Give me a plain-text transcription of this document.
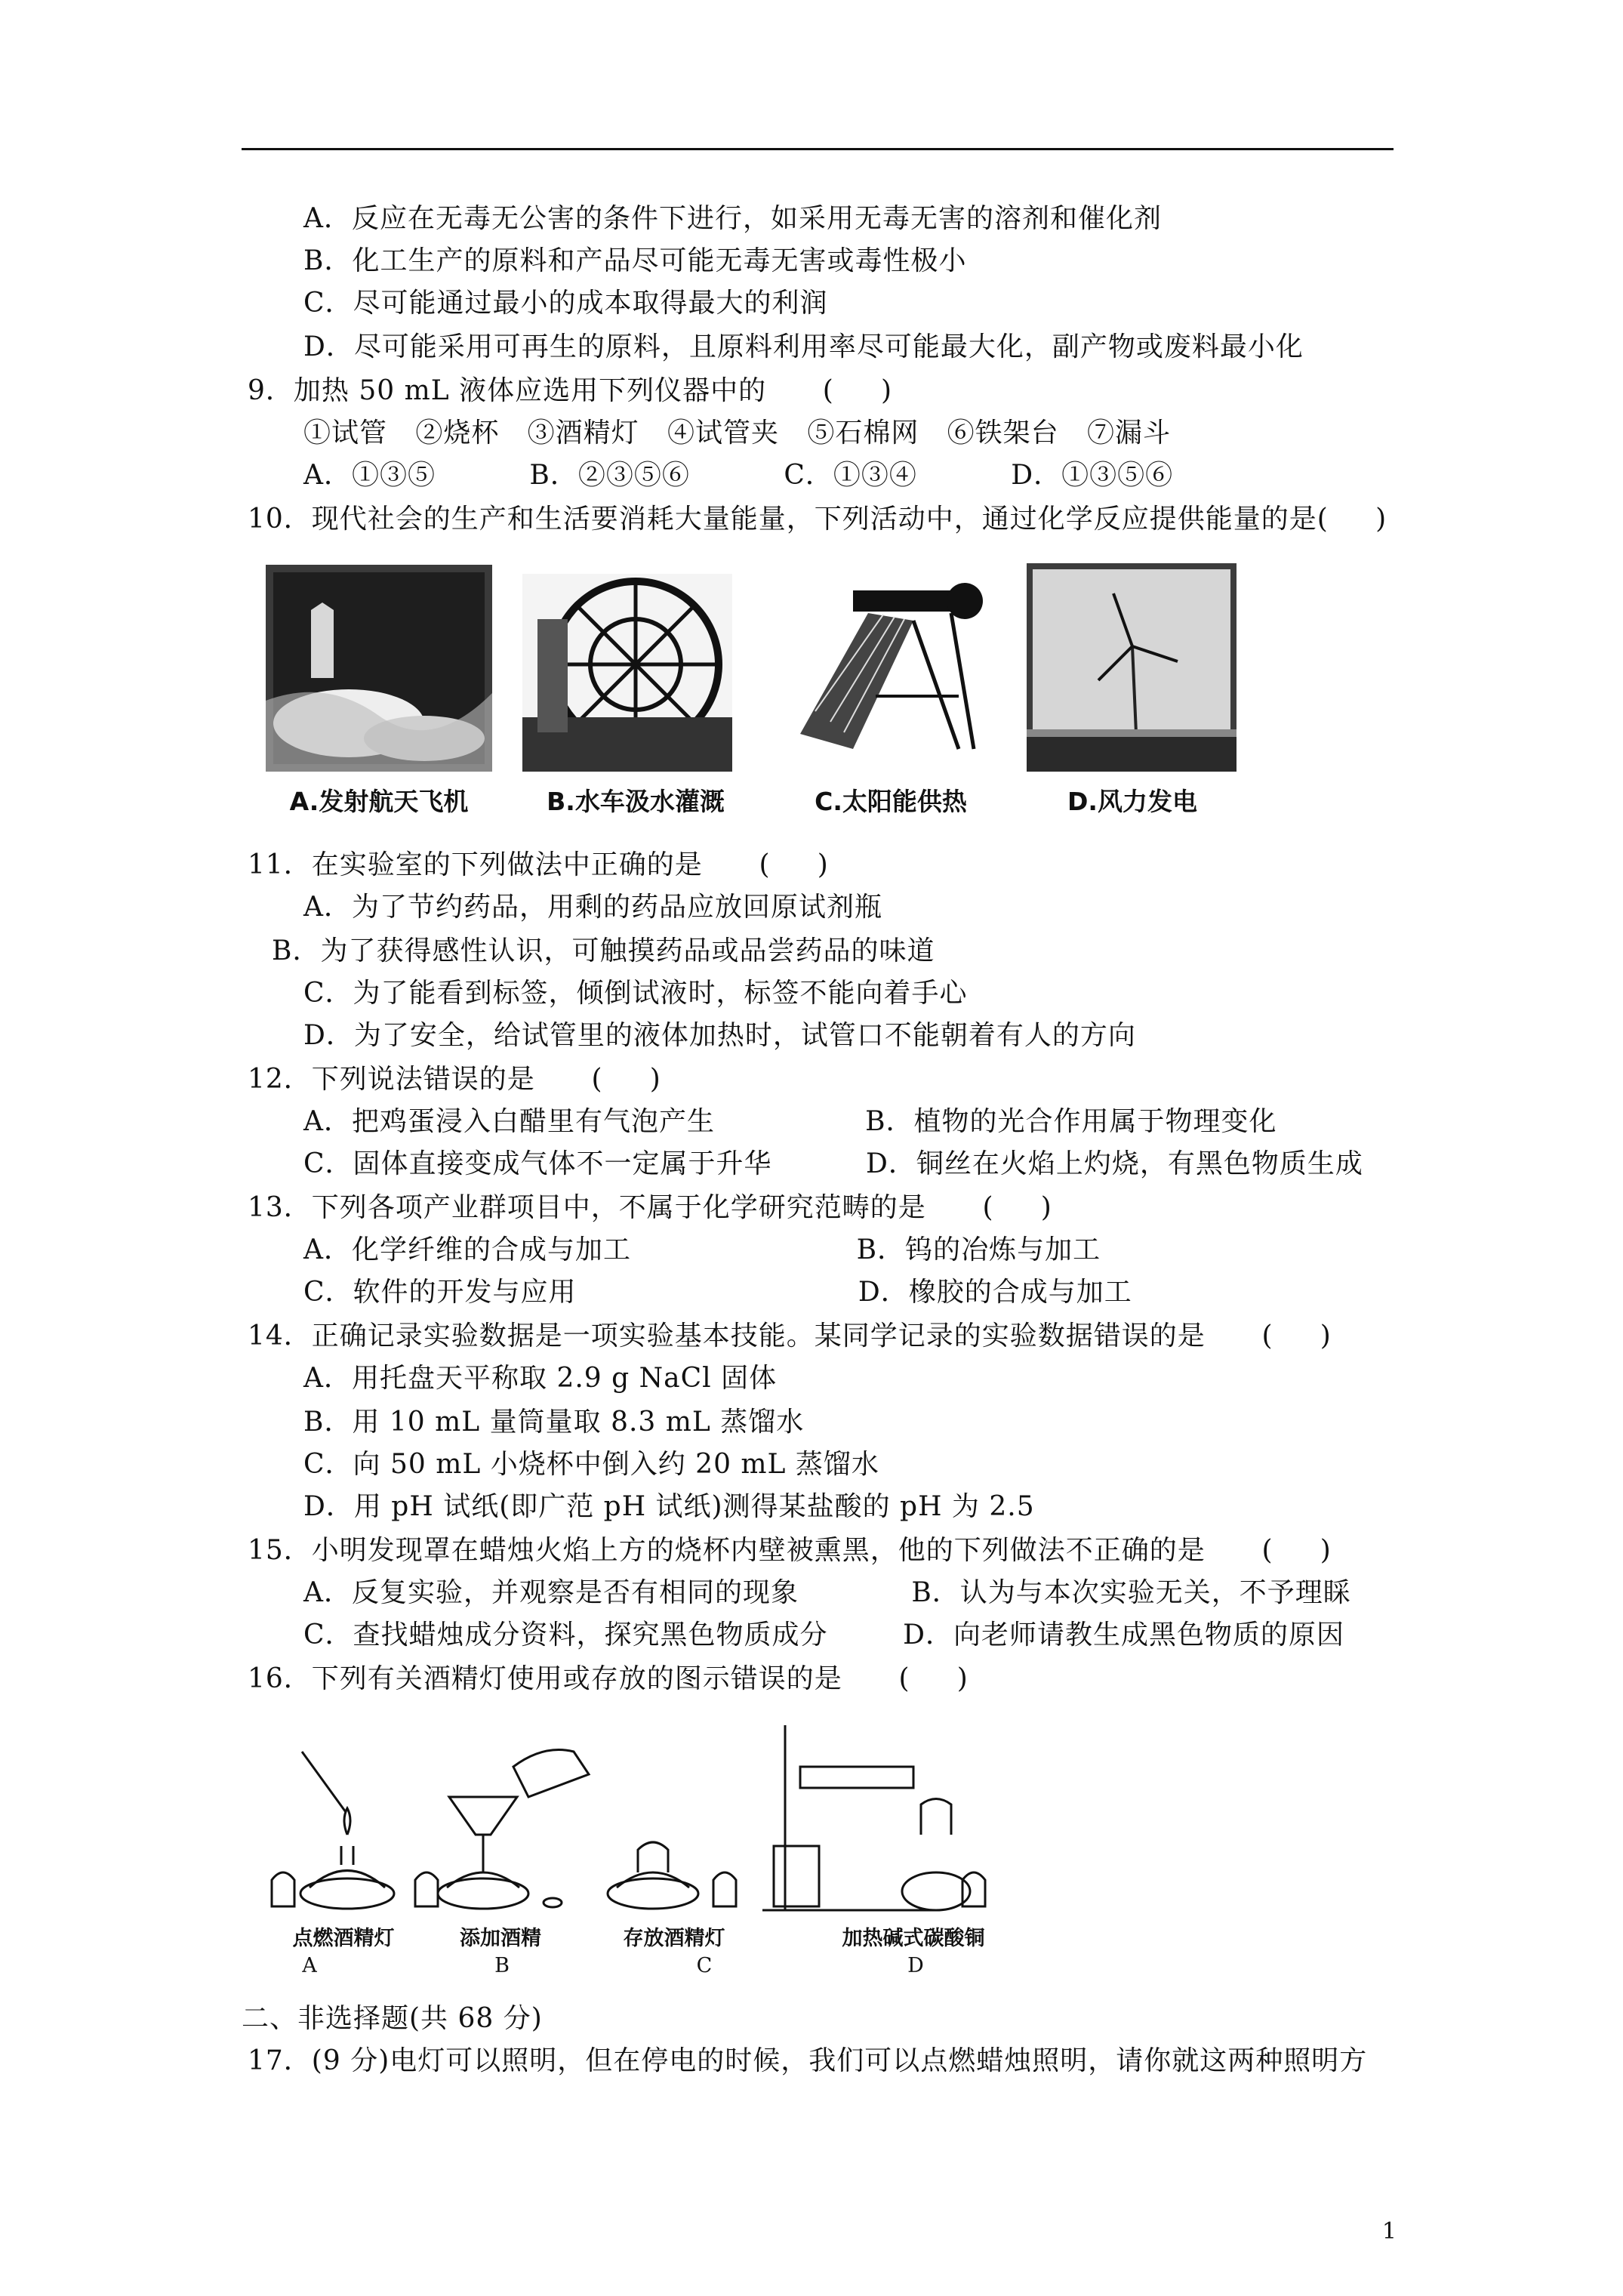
A．反应在无毒无公害的条件下进行，如采用无毒无害的溶剂和催化剂
B．化工生产的原料和产品尽可能无毒无害或毒性极小
C．尽可能通过最小的成本取得最大的利润
D．尽可能采用可再生的原料，且原料利用率尽可能最大化，副产物或废料最小化
9．加热 50 mL 液体应选用下列仪器中的      (     )
①试管   ②烧杯   ③酒精灯   ④试管夹   ⑤石棉网   ⑥铁架台   ⑦漏斗
A．①③⑤          B．②③⑤⑥          C．①③④          D．①③⑤⑥
10．现代社会的生产和生活要消耗大量能量，下列活动中，通过化学反应提供能量的是(     )
A.发射航天飞机	B.水车汲水灌溉	C.太阳能供热	D.风力发电
11．在实验室的下列做法中正确的是      (     )
A．为了节约药品，用剩的药品应放回原试剂瓶
B．为了获得感性认识，可触摸药品或品尝药品的味道
C．为了能看到标签，倾倒试液时，标签不能向着手心
D．为了安全，给试管里的液体加热时，试管口不能朝着有人的方向
12．下列说法错误的是      (     )
A．把鸡蛋浸入白醋里有气泡产生                B．植物的光合作用属于物理变化
C．固体直接变成气体不一定属于升华          D．铜丝在火焰上灼烧，有黑色物质生成
13．下列各项产业群项目中，不属于化学研究范畴的是      (     )
A．化学纤维的合成与加工                        B．钨的冶炼与加工
C．软件的开发与应用                              D．橡胶的合成与加工
14．正确记录实验数据是一项实验基本技能。某同学记录的实验数据错误的是      (     )
A．用托盘天平称取 2.9 g NaCl 固体
B．用 10 mL 量筒量取 8.3 mL 蒸馏水
C．向 50 mL 小烧杯中倒入约 20 mL 蒸馏水
D．用 pH 试纸(即广范 pH 试纸)测得某盐酸的 pH 为 2.5
15．小明发现罩在蜡烛火焰上方的烧杯内壁被熏黑，他的下列做法不正确的是      (     )
A．反复实验，并观察是否有相同的现象            B．认为与本次实验无关，不予理睬
C．查找蜡烛成分资料，探究黑色物质成分        D．向老师请教生成黑色物质的原因
16．下列有关酒精灯使用或存放的图示错误的是      (     )
点燃酒精灯	添加酒精	存放酒精灯	加热碱式碳酸铜
A	B	C	D
二、非选择题(共 68 分)
17．(9 分)电灯可以照明，但在停电的时候，我们可以点燃蜡烛照明，请你就这两种照明方
1
